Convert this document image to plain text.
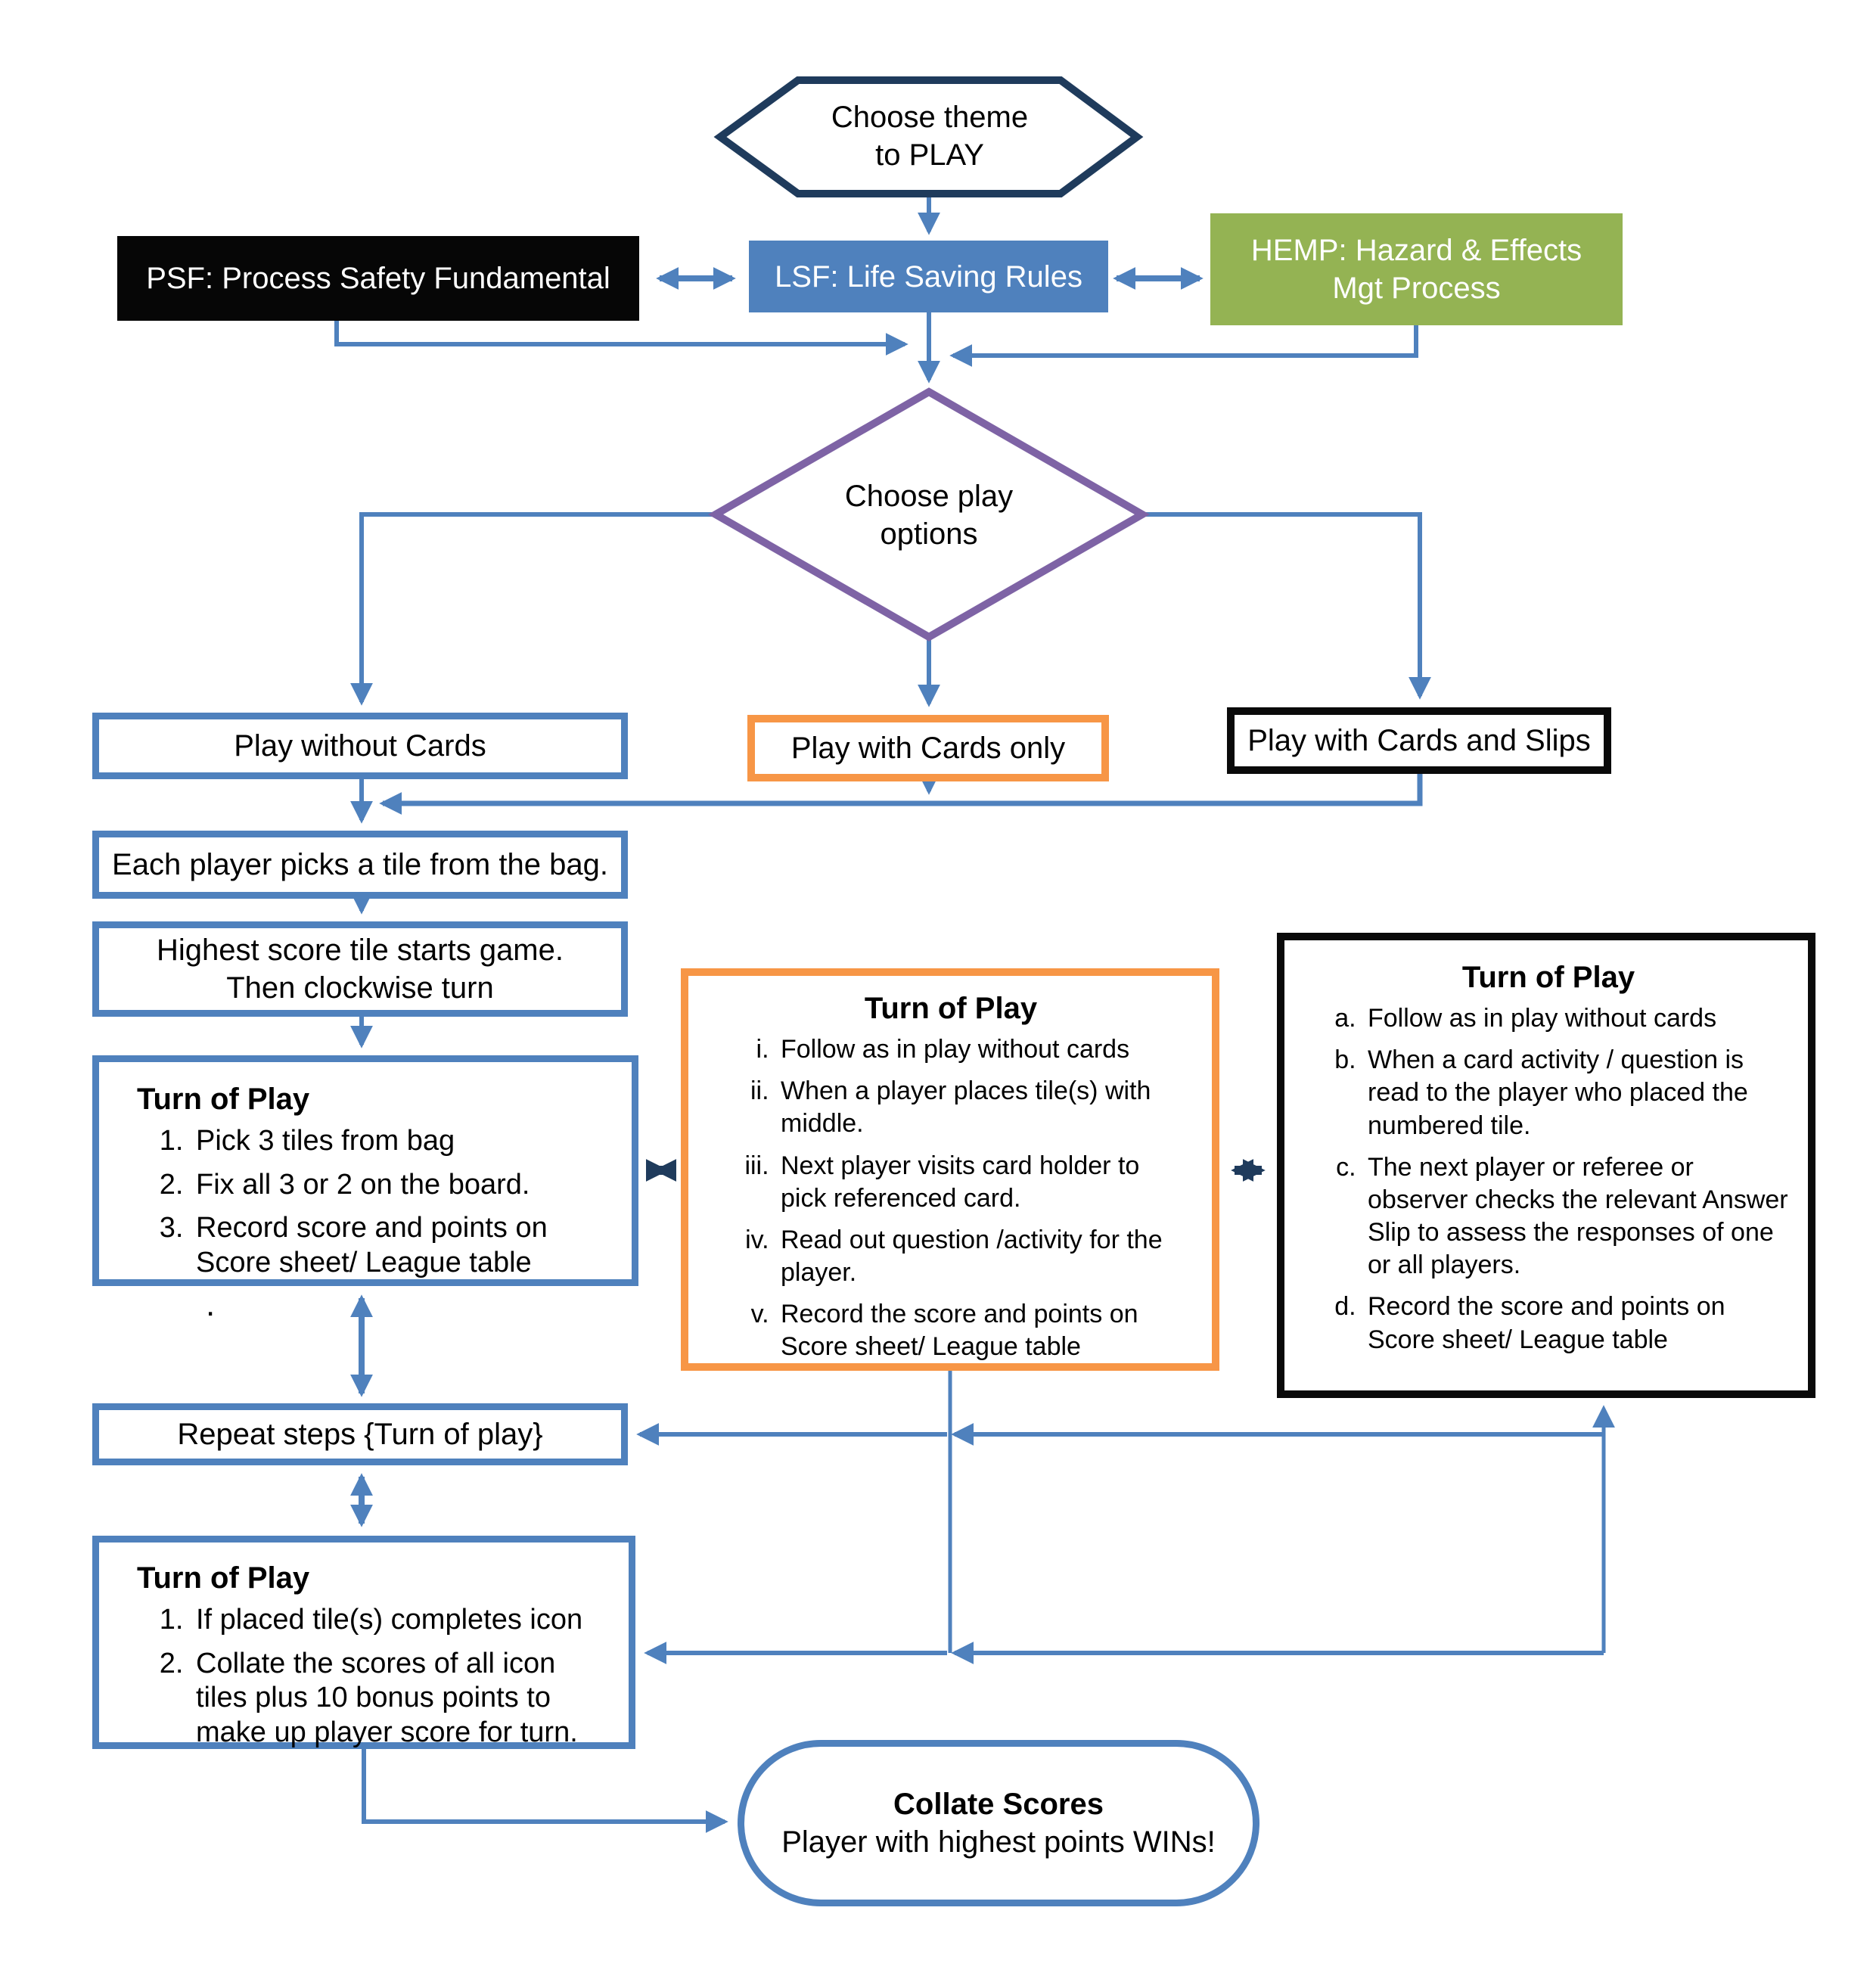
Choose theme
to PLAY
PSF: Process Safety Fundamental	LSF: Life Saving Rules
HEMP: Hazard & Effects
Mgt Process
Choose play
options
Play without Cards	Play with Cards only	Play with Cards and Slips
Each player picks a tile from the bag.
Highest score tile starts game.
Then clockwise turn
Turn of Play
1. Pick 3 tiles from bag
2. Fix all 3 or 2 on the board.
3. Record score and points on Score sheet/ League table
Turn of Play
i. Follow as in play without cards
ii. When a player places tile(s) with middle.
iii. Next player visits card holder to pick referenced card.
iv. Read out question /activity for the player.
v. Record the score and points on Score sheet/ League table
Turn of Play
a. Follow as in play without cards
b. When a card activity / question is read to the player who placed the numbered tile.
c. The next player or referee or observer checks the relevant Answer Slip to assess the responses of one or all players.
d. Record the score and points on Score sheet/ League table
Repeat steps {Turn of play}
Turn of Play
1. If placed tile(s) completes icon
2. Collate the scores of all icon tiles plus 10 bonus points to make up player score for turn.
Collate Scores
Player with highest points WINs!
.
